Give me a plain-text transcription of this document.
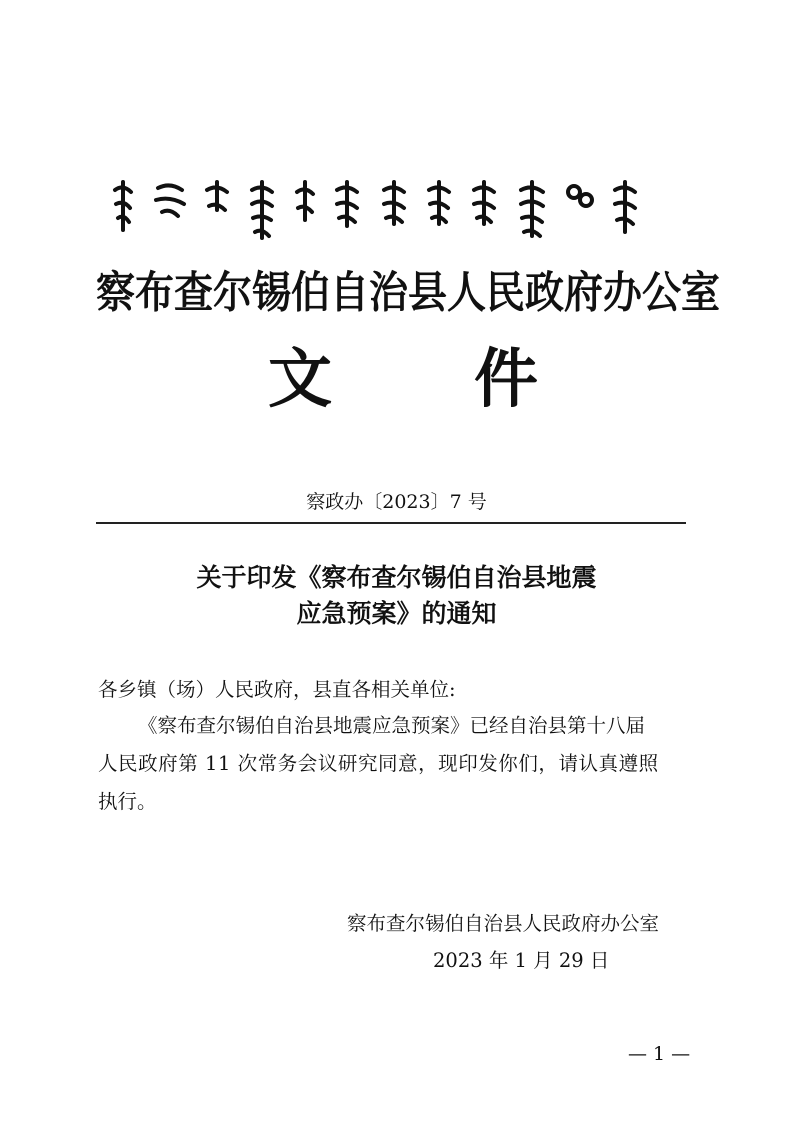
察布查尔锡伯自治县人民政府办公室
文 件
察政办〔2023〕7 号
关于印发《察布查尔锡伯自治县地震
应急预案》的通知
各乡镇（场）人民政府，县直各相关单位:
《察布查尔锡伯自治县地震应急预案》已经自治县第十八届
人民政府第 11 次常务会议研究同意，现印发你们，请认真遵照
执行。
察布查尔锡伯自治县人民政府办公室
2023 年 1 月 29 日
— 1 —
